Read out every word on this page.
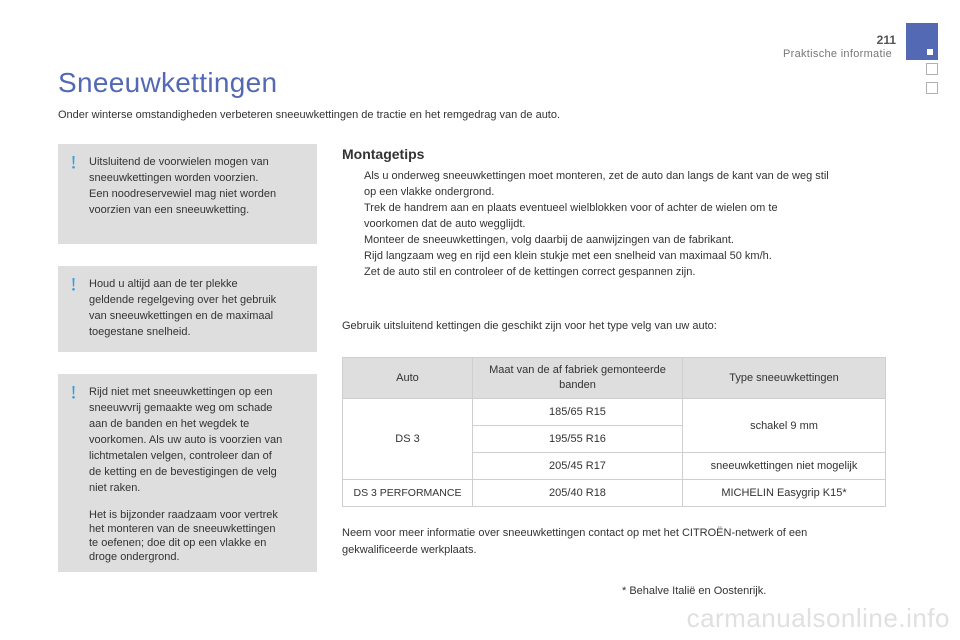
211
Praktische informatie
Sneeuwkettingen
Onder winterse omstandigheden verbeteren sneeuwkettingen de tractie en het remgedrag van de auto.

Uitsluitend de voorwielen mogen van
sneeuwkettingen worden voorzien.
Een noodreservewiel mag niet worden
voorzien van een sneeuwketting.

Houd u altijd aan de ter plekke
geldende regelgeving over het gebruik
van sneeuwkettingen en de maximaal
toegestane snelheid.

Rijd niet met sneeuwkettingen op een
sneeuwvrij gemaakte weg om schade
aan de banden en het wegdek te
voorkomen. Als uw auto is voorzien van
lichtmetalen velgen, controleer dan of
de ketting en de bevestigingen de velg
niet raken.

Het is bijzonder raadzaam voor vertrek
het monteren van de sneeuwkettingen
te oefenen; doe dit op een vlakke en
droge ondergrond.

Montagetips
Als u onderweg sneeuwkettingen moet monteren, zet de auto dan langs de kant van de weg stil
op een vlakke ondergrond.
Trek de handrem aan en plaats eventueel wielblokken voor of achter de wielen om te
voorkomen dat de auto wegglijdt.
Monteer de sneeuwkettingen, volg daarbij de aanwijzingen van de fabrikant.
Rijd langzaam weg en rijd een klein stukje met een snelheid van maximaal 50 km/h.
Zet de auto stil en controleer of de kettingen correct gespannen zijn.
Gebruik uitsluitend kettingen die geschikt zijn voor het type velg van uw auto:
Auto	Maat van de af fabriek gemonteerde banden	Type sneeuwkettingen
DS 3	185/65 R15	schakel 9 mm
	195/55 R16	
	205/45 R17	sneeuwkettingen niet mogelijk
DS 3 PERFORMANCE	205/40 R18	MICHELIN Easygrip K15*
Neem voor meer informatie over sneeuwkettingen contact op met het CITROËN-netwerk of een
gekwalificeerde werkplaats.
* Behalve Italië en Oostenrijk.
carmanualsonline.info
